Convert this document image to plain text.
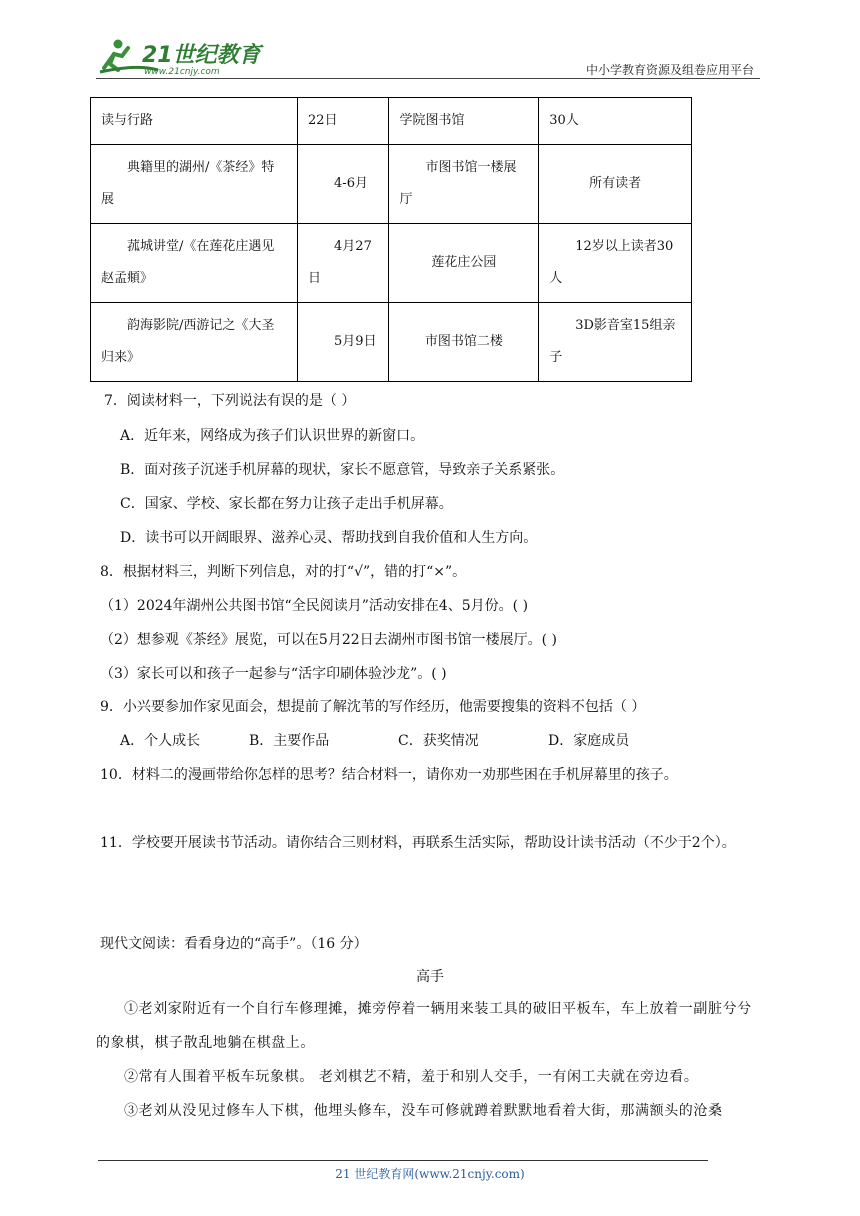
21世纪教育
www.21cnjy.com	中小学教育资源及组卷应用平台
读与行路	22日	学院图书馆	30人
典籍里的湖州/《茶经》特展	4-6月	市图书馆一楼展厅	所有读者
菰城讲堂/《在莲花庄遇见赵孟頫》	4月27日	莲花庄公园	12岁以上读者30人
韵海影院/西游记之《大圣归来》	5月9日	市图书馆二楼	3D影音室15组亲子
7．阅读材料一，下列说法有误的是（ ）
A．近年来，网络成为孩子们认识世界的新窗口。
B．面对孩子沉迷手机屏幕的现状，家长不愿意管，导致亲子关系紧张。
C．国家、学校、家长都在努力让孩子走出手机屏幕。
D．读书可以开阔眼界、滋养心灵、帮助找到自我价值和人生方向。
8．根据材料三，判断下列信息，对的打“√”，错的打“×”。
（1）2024年湖州公共图书馆“全民阅读月”活动安排在4、5月份。( )
（2）想参观《茶经》展览，可以在5月22日去湖州市图书馆一楼展厅。( )
（3）家长可以和孩子一起参与“活字印刷体验沙龙”。( )
9．小兴要参加作家见面会，想提前了解沈苇的写作经历，他需要搜集的资料不包括（ ）
A．个人成长	B．主要作品	C．获奖情况	D．家庭成员
10．材料二的漫画带给你怎样的思考？结合材料一，请你劝一劝那些困在手机屏幕里的孩子。
11．学校要开展读书节活动。请你结合三则材料，再联系生活实际，帮助设计读书活动（不少于2个）。
现代文阅读：看看身边的“高手”。（16 分）
高手
①老刘家附近有一个自行车修理摊，摊旁停着一辆用来装工具的破旧平板车，车上放着一副脏兮兮的象棋，棋子散乱地躺在棋盘上。
②常有人围着平板车玩象棋。 老刘棋艺不精，羞于和别人交手，一有闲工夫就在旁边看。
③老刘从没见过修车人下棋，他埋头修车，没车可修就蹲着默默地看着大街，那满额头的沧桑
21 世纪教育网(www.21cnjy.com)
